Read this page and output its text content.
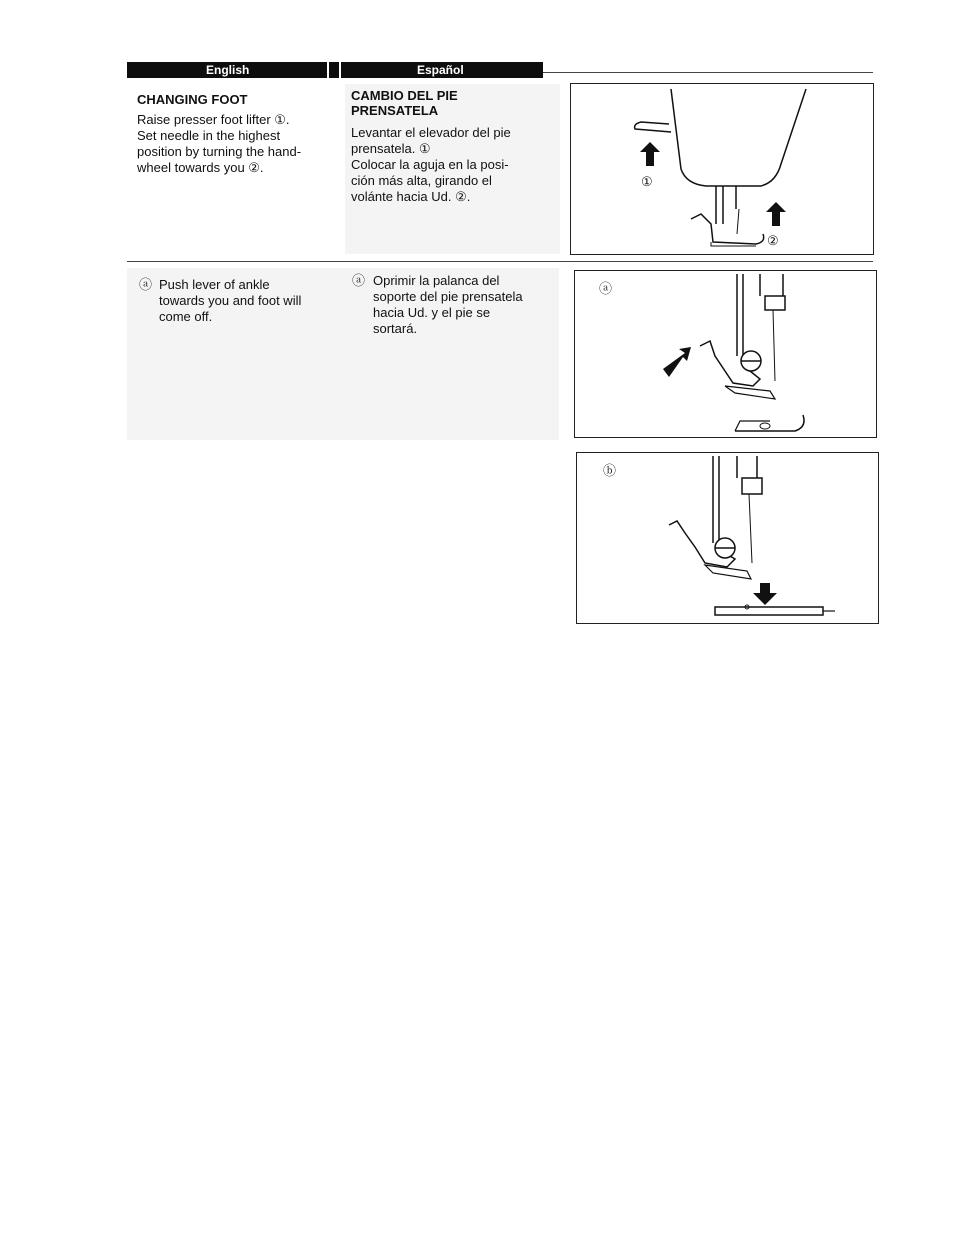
English	Español
CHANGING FOOT
Raise presser foot lifter ①.
Set needle in the highest
position by turning the hand-
wheel towards you ②.
CAMBIO DEL PIE
PRENSATELA
Levantar el elevador del pie
prensatela. ①
Colocar la aguja en la posi-
ción más alta, girando el
volánte hacia Ud. ②.
①
②
ⓐ Push lever of ankle
towards you and foot will
come off.
ⓐ Oprimir la palanca del
soporte del pie prensatela
hacia Ud. y el pie se
sortará.
ⓐ
ⓑ
